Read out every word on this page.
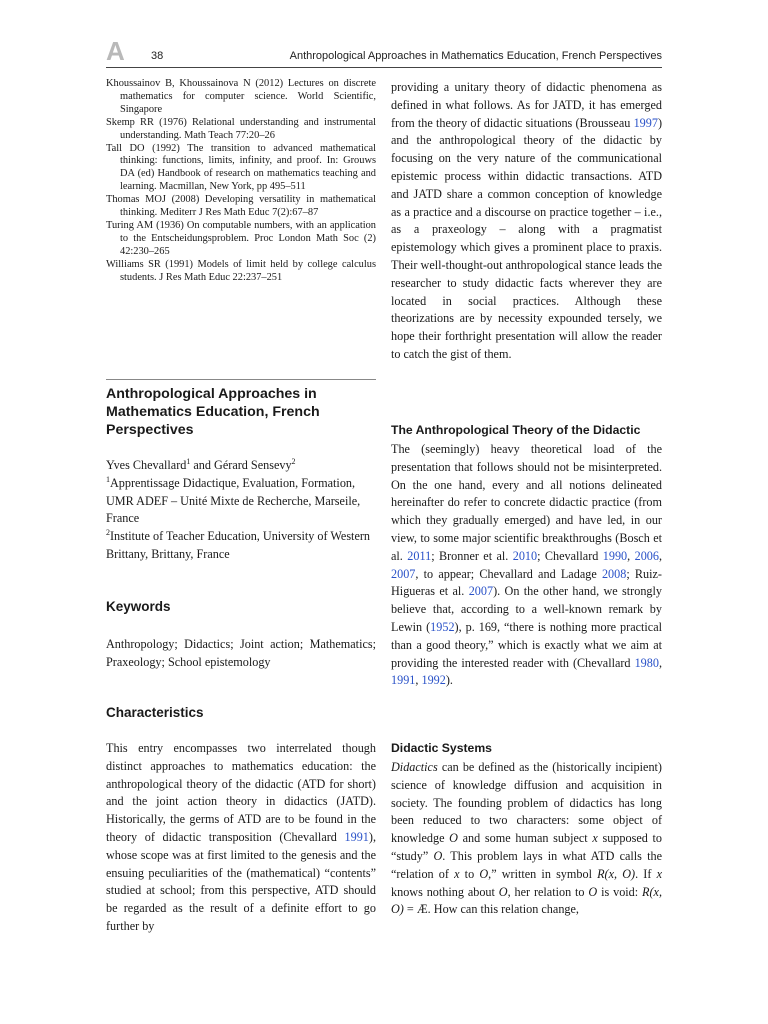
A 38	Anthropological Approaches in Mathematics Education, French Perspectives

Khoussainov B, Khoussainova N (2012) Lectures on discrete mathematics for computer science. World Scientific, Singapore

Skemp RR (1976) Relational understanding and instrumental understanding. Math Teach 77:20–26

Tall DO (1992) The transition to advanced mathematical thinking: functions, limits, infinity, and proof. In: Grouws DA (ed) Handbook of research on mathematics teaching and learning. Macmillan, New York, pp 495–511

Thomas MOJ (2008) Developing versatility in mathematical thinking. Mediterr J Res Math Educ 7(2):67–87

Turing AM (1936) On computable numbers, with an application to the Entscheidungsproblem. Proc London Math Soc (2) 42:230–265

Williams SR (1991) Models of limit held by college calculus students. J Res Math Educ 22:237–251

Anthropological Approaches in Mathematics Education, French Perspectives

Yves Chevallard$^1$ and Gérard Sensevy$^2$

$^1$Apprentissage Didactique, Evaluation, Formation, UMR ADEF – Unité Mixte de Recherche, Marseile, France

$^2$Institute of Teacher Education, University of Western Brittany, Brittany, France

Keywords

Anthropology; Didactics; Joint action; Mathematics; Praxeology; School epistemology

Characteristics

This entry encompasses two interrelated though distinct approaches to mathematics education: the anthropological theory of the didactic (ATD for short) and the joint action theory in didactics (JATD). Historically, the germs of ATD are to be found in the theory of didactic transposition (Chevallard 1991), whose scope was at first limited to the genesis and the ensuing peculiarities of the (mathematical) “contents” studied at school; from this perspective, ATD should be regarded as the result of a definite effort to go further by

providing a unitary theory of didactic phenomena as defined in what follows. As for JATD, it has emerged from the theory of didactic situations (Brousseau 1997) and the anthropological theory of the didactic by focusing on the very nature of the communicational epistemic process within didactic transactions. ATD and JATD share a common conception of knowledge as a practice and a discourse on practice together – i.e., as a praxeology – along with a pragmatist epistemology which gives a prominent place to praxis. Their well-thought-out anthropological stance leads the researcher to study didactic facts wherever they are located in social practices. Although these theorizations are by necessity expounded tersely, we hope their forthright presentation will allow the reader to catch the gist of them.

The Anthropological Theory of the Didactic

The (seemingly) heavy theoretical load of the presentation that follows should not be misinterpreted. On the one hand, every and all notions delineated hereinafter do refer to concrete didactic practice (from which they gradually emerged) and have led, in our view, to some major scientific breakthroughs (Bosch et al. 2011; Bronner et al. 2010; Chevallard 1990, 2006, 2007, to appear; Chevallard and Ladage 2008; Ruiz-Higueras et al. 2007). On the other hand, we strongly believe that, according to a well-known remark by Lewin (1952), p. 169, “there is nothing more practical than a good theory,” which is exactly what we aim at providing the interested reader with (Chevallard 1980, 1991, 1992).

Didactic Systems

Didactics can be defined as the (historically incipient) science of knowledge diffusion and acquisition in society. The founding problem of didactics has long been reduced to two characters: some object of knowledge O and some human subject x supposed to “study” O. This problem lays in what ATD calls the “relation of x to O,” written in symbol R(x, O). If x knows nothing about O, her relation to O is void: R(x, O) = Æ. How can this relation change,
